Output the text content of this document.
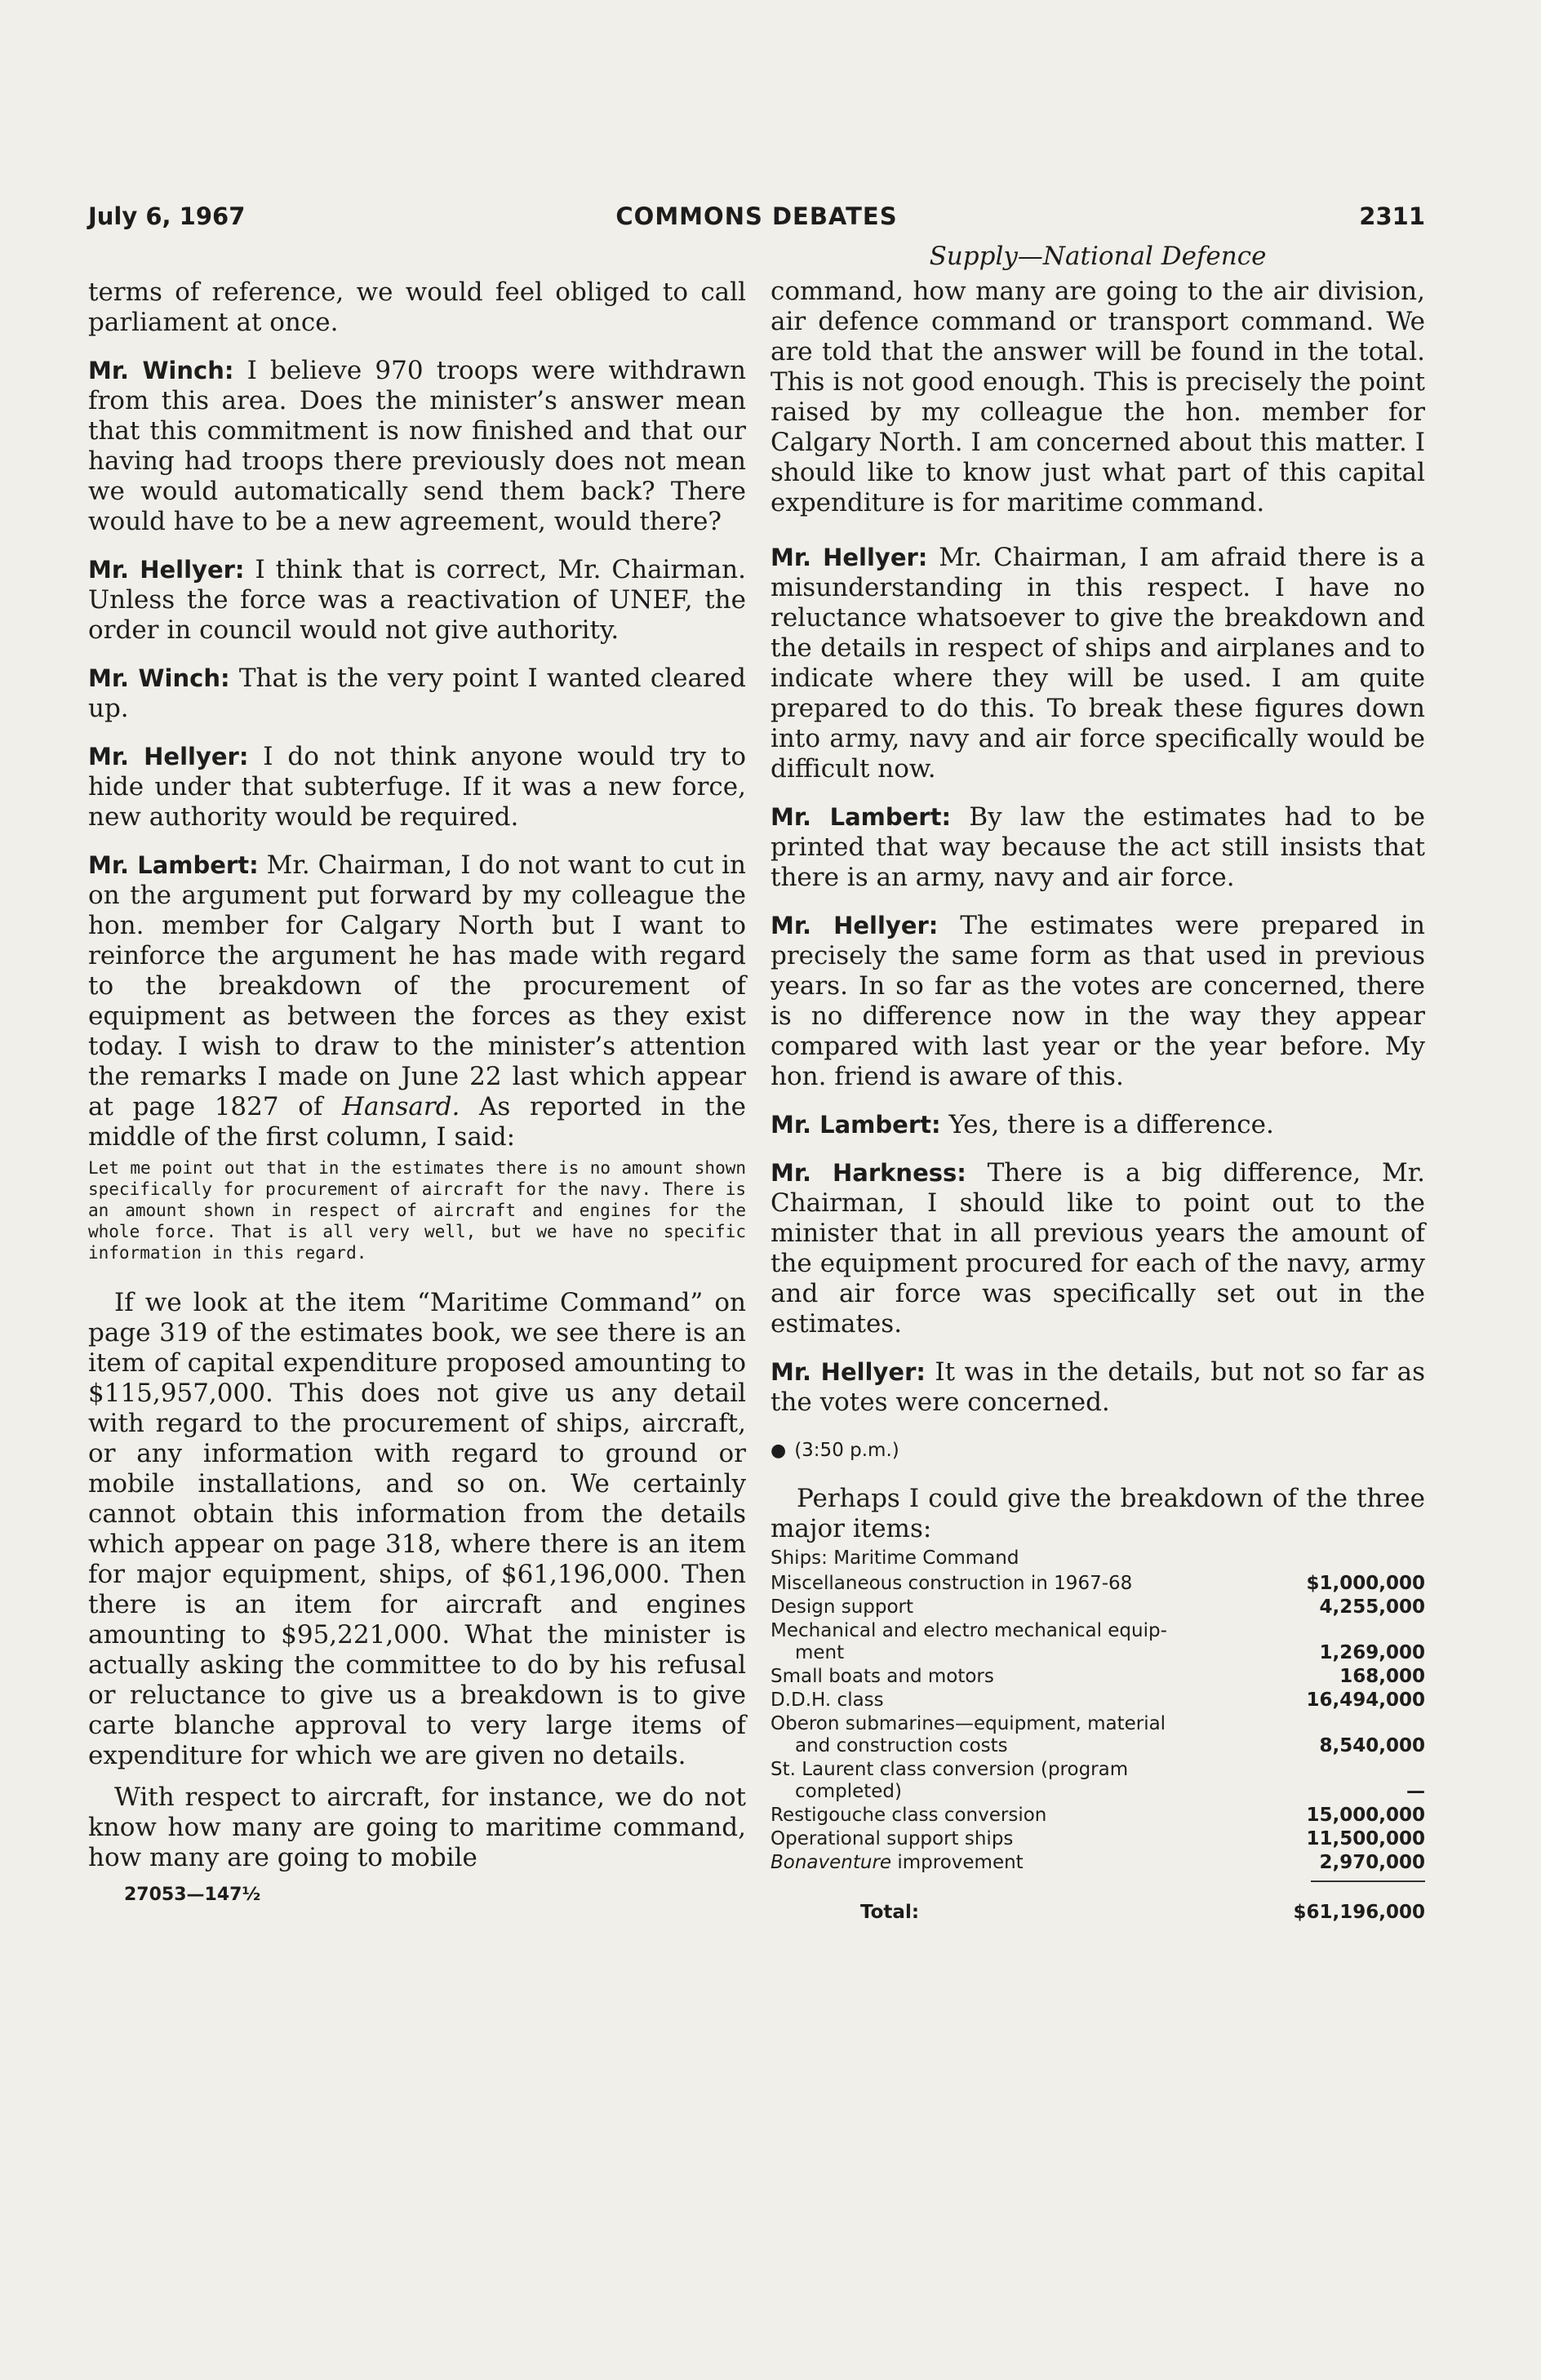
July 6, 1967	COMMONS DEBATES	2311

terms of reference, we would feel obliged to call parliament at once.

Mr. Winch: I believe 970 troops were withdrawn from this area. Does the minister’s answer mean that this commitment is now finished and that our having had troops there previously does not mean we would automatically send them back? There would have to be a new agreement, would there?

Mr. Hellyer: I think that is correct, Mr. Chairman. Unless the force was a reactivation of UNEF, the order in council would not give authority.

Mr. Winch: That is the very point I wanted cleared up.

Mr. Hellyer: I do not think anyone would try to hide under that subterfuge. If it was a new force, new authority would be required.

Mr. Lambert: Mr. Chairman, I do not want to cut in on the argument put forward by my colleague the hon. member for Calgary North but I want to reinforce the argument he has made with regard to the breakdown of the procurement of equipment as between the forces as they exist today. I wish to draw to the minister’s attention the remarks I made on June 22 last which appear at page 1827 of Hansard. As reported in the middle of the first column, I said:

Let me point out that in the estimates there is no amount shown specifically for procurement of aircraft for the navy. There is an amount shown in respect of aircraft and engines for the whole force. That is all very well, but we have no specific information in this regard.

If we look at the item “Maritime Command” on page 319 of the estimates book, we see there is an item of capital expenditure proposed amounting to $115,957,000. This does not give us any detail with regard to the procurement of ships, aircraft, or any information with regard to ground or mobile installations, and so on. We certainly cannot obtain this information from the details which appear on page 318, where there is an item for major equipment, ships, of $61,196,000. Then there is an item for aircraft and engines amounting to $95,221,000. What the minister is actually asking the committee to do by his refusal or reluctance to give us a breakdown is to give carte blanche approval to very large items of expenditure for which we are given no details.

With respect to aircraft, for instance, we do not know how many are going to maritime command, how many are going to mobile

27053—147½
Supply—National Defence

command, how many are going to the air division, air defence command or transport command. We are told that the answer will be found in the total. This is not good enough. This is precisely the point raised by my colleague the hon. member for Calgary North. I am concerned about this matter. I should like to know just what part of this capital expenditure is for maritime command.

Mr. Hellyer: Mr. Chairman, I am afraid there is a misunderstanding in this respect. I have no reluctance whatsoever to give the breakdown and the details in respect of ships and airplanes and to indicate where they will be used. I am quite prepared to do this. To break these figures down into army, navy and air force specifically would be difficult now.

Mr. Lambert: By law the estimates had to be printed that way because the act still insists that there is an army, navy and air force.

Mr. Hellyer: The estimates were prepared in precisely the same form as that used in previous years. In so far as the votes are concerned, there is no difference now in the way they appear compared with last year or the year before. My hon. friend is aware of this.

Mr. Lambert: Yes, there is a difference.

Mr. Harkness: There is a big difference, Mr. Chairman, I should like to point out to the minister that in all previous years the amount of the equipment procured for each of the navy, army and air force was specifically set out in the estimates.

Mr. Hellyer: It was in the details, but not so far as the votes were concerned.

● (3:50 p.m.)

Perhaps I could give the breakdown of the three major items:

Ships: Maritime Command
Miscellaneous construction in 1967-68	$1,000,000
Design support	4,255,000
Mechanical and electro mechanical equip-
ment	1,269,000
Small boats and motors	168,000
D.D.H. class	16,494,000
Oberon submarines—equipment, material
and construction costs	8,540,000
St. Laurent class conversion (program
completed)	—
Restigouche class conversion	15,000,000
Operational support ships	11,500,000
Bonaventure improvement	2,970,000
Total:	$61,196,000
